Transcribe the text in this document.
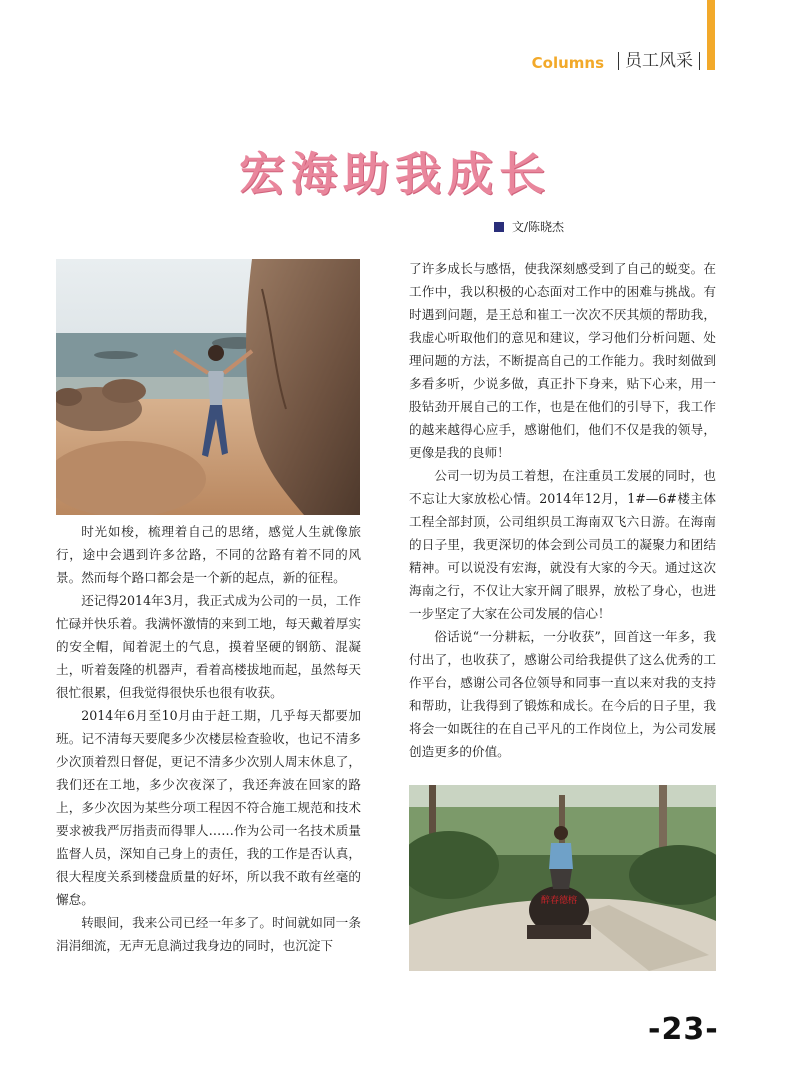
Columns	员工风采
宏海助我成长
文/陈晓杰
醉春德榕

时光如梭，梳理着自己的思绪，感觉人生就像旅行，途中会遇到许多岔路，不同的岔路有着不同的风景。然而每个路口都会是一个新的起点，新的征程。

还记得2014年3月，我正式成为公司的一员，工作忙碌并快乐着。我满怀激情的来到工地，每天戴着厚实的安全帽，闻着泥土的气息，摸着坚硬的钢筋、混凝土，听着轰隆的机器声，看着高楼拔地而起，虽然每天很忙很累，但我觉得很快乐也很有收获。

2014年6月至10月由于赶工期，几乎每天都要加班。记不清每天要爬多少次楼层检查验收，也记不清多少次顶着烈日督促，更记不清多少次别人周末休息了，我们还在工地，多少次夜深了，我还奔波在回家的路上，多少次因为某些分项工程因不符合施工规范和技术要求被我严厉指责而得罪人……作为公司一名技术质量监督人员，深知自己身上的责任，我的工作是否认真，很大程度关系到楼盘质量的好坏，所以我不敢有丝毫的懈怠。

转眼间，我来公司已经一年多了。时间就如同一条涓涓细流，无声无息淌过我身边的同时，也沉淀下

了许多成长与感悟，使我深刻感受到了自己的蜕变。在工作中，我以积极的心态面对工作中的困难与挑战。有时遇到问题，是王总和崔工一次次不厌其烦的帮助我，我虚心听取他们的意见和建议，学习他们分析问题、处理问题的方法，不断提高自己的工作能力。我时刻做到多看多听，少说多做，真正扑下身来，贴下心来，用一股钻劲开展自己的工作，也是在他们的引导下，我工作的越来越得心应手，感谢他们，他们不仅是我的领导，更像是我的良师！

公司一切为员工着想，在注重员工发展的同时，也不忘让大家放松心情。2014年12月，1#—6#楼主体工程全部封顶，公司组织员工海南双飞六日游。在海南的日子里，我更深切的体会到公司员工的凝聚力和团结精神。可以说没有宏海，就没有大家的今天。通过这次海南之行，不仅让大家开阔了眼界，放松了身心，也进一步坚定了大家在公司发展的信心！

俗话说“一分耕耘，一分收获”，回首这一年多，我付出了，也收获了，感谢公司给我提供了这么优秀的工作平台，感谢公司各位领导和同事一直以来对我的支持和帮助，让我得到了锻炼和成长。在今后的日子里，我将会一如既往的在自己平凡的工作岗位上，为公司发展创造更多的价值。

-23-
